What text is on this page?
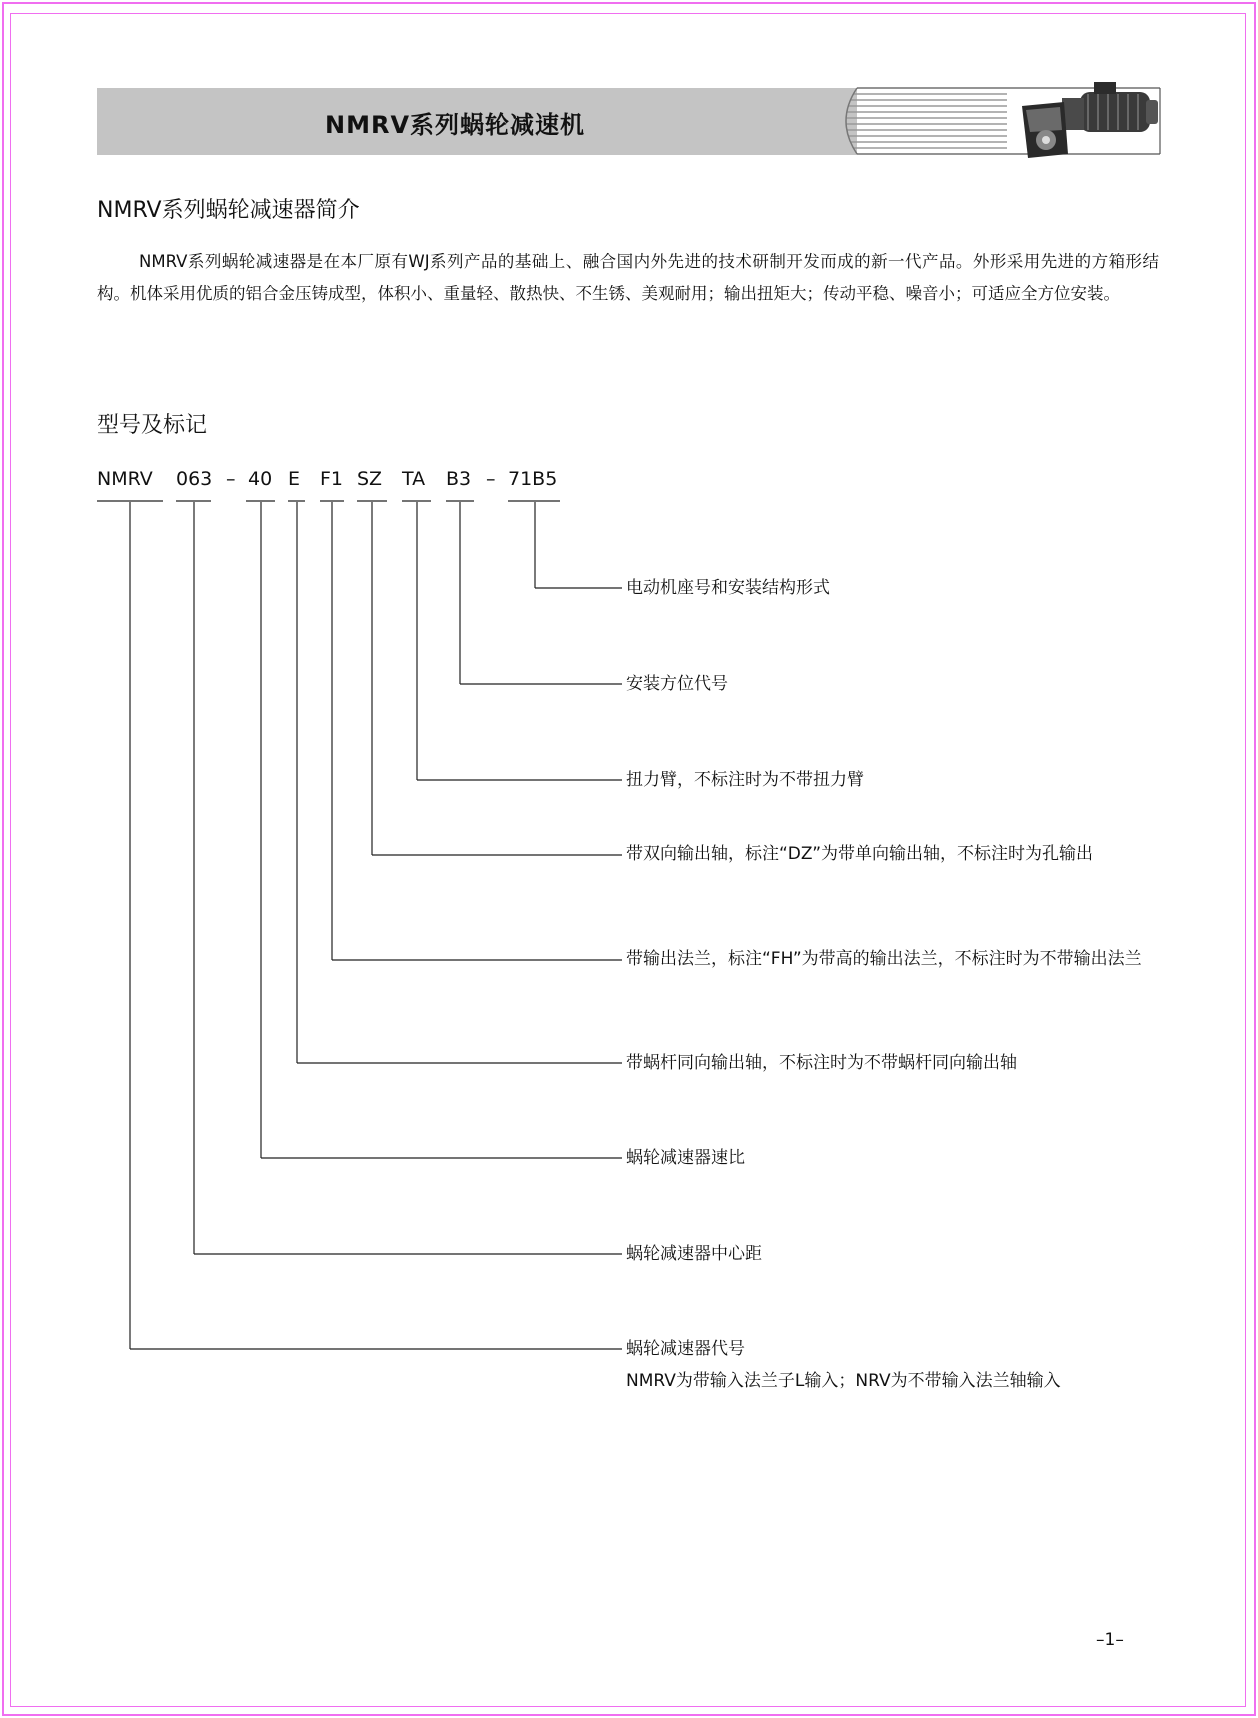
NMRV系列蜗轮减速机
NMRV系列蜗轮减速器简介

NMRV系列蜗轮减速器是在本厂原有WJ系列产品的基础上、融合国内外先进的技术研制开发而成的新一代产品。外形采用先进的方箱形结构。机体采用优质的铝合金压铸成型，体积小、重量轻、散热快、不生锈、美观耐用；输出扭矩大；传动平稳、噪音小；可适应全方位安装。

型号及标记
NMRV 063 – 40 E F1 SZ TA B3 – 71B5
电动机座号和安装结构形式
安装方位代号
扭力臂，不标注时为不带扭力臂
带双向输出轴，标注“DZ”为带单向输出轴，不标注时为孔输出
带输出法兰，标注“FH”为带高的输出法兰，不标注时为不带输出法兰
带蜗杆同向输出轴，不标注时为不带蜗杆同向输出轴
蜗轮减速器速比
蜗轮减速器中心距
蜗轮减速器代号
NMRV为带输入法兰子L输入；NRV为不带输入法兰轴输入
–1–
